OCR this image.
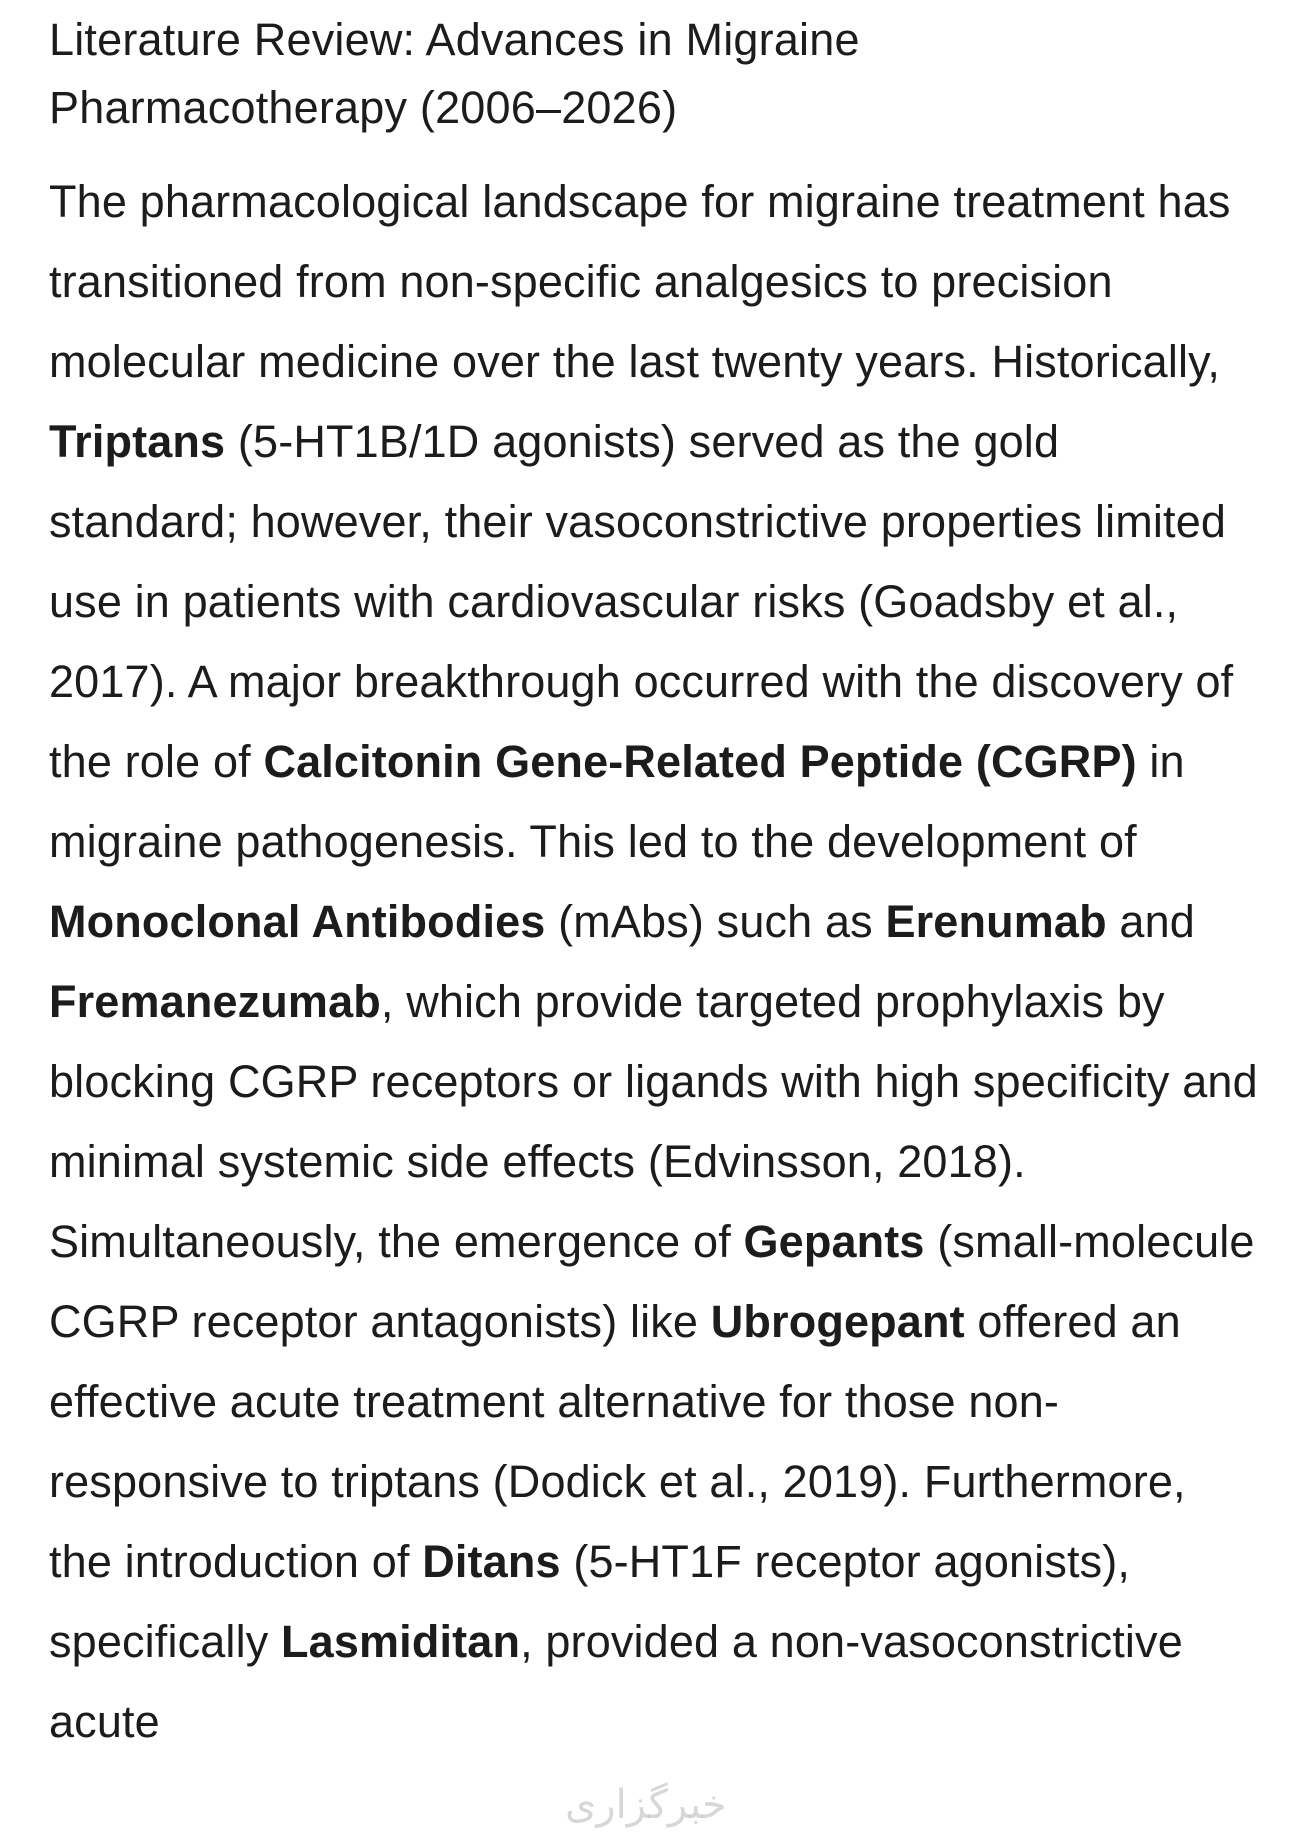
Literature Review: Advances in Migraine
Pharmacotherapy (2006–2026)

The pharmacological landscape for migraine treatment has transitioned from non-specific analgesics to precision molecular medicine over the last twenty years. Historically, Triptans (5-HT1B/1D agonists) served as the gold standard; however, their vasoconstrictive properties limited use in patients with cardiovascular risks (Goadsby et al., 2017). A major breakthrough occurred with the discovery of the role of Calcitonin Gene-Related Peptide (CGRP) in migraine pathogenesis. This led to the development of Monoclonal Antibodies (mAbs) such as Erenumab and Fremanezumab, which provide targeted prophylaxis by blocking CGRP receptors or ligands with high specificity and minimal systemic side effects (Edvinsson, 2018). Simultaneously, the emergence of Gepants (small-molecule CGRP receptor antagonists) like Ubrogepant offered an effective acute treatment alternative for those non-responsive to triptans (Dodick et al., 2019). Furthermore, the introduction of Ditans (5-HT1F receptor agonists), specifically Lasmiditan, provided a non-vasoconstrictive acute

خبرگزاری
